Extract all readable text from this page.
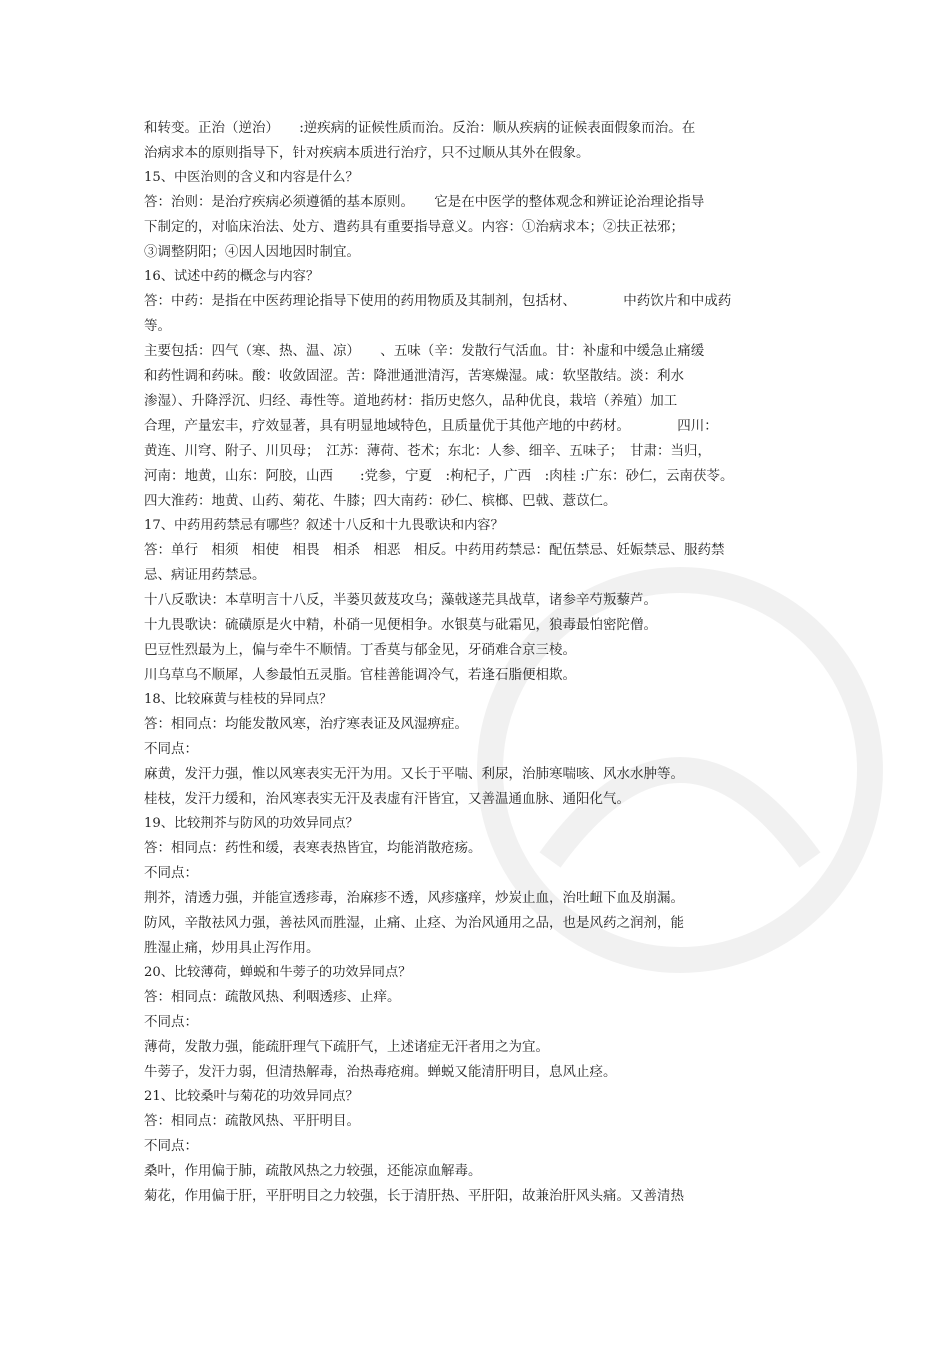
和转变。正治（逆治）　　:逆疾病的证候性质而治。反治：顺从疾病的证候表面假象而治。在
治病求本的原则指导下，针对疾病本质进行治疗，只不过顺从其外在假象。
15、中医治则的含义和内容是什么？
答：治则：是治疗疾病必须遵循的基本原则。　　它是在中医学的整体观念和辨证论治理论指导
下制定的，对临床治法、处方、遣药具有重要指导意义。内容：①治病求本；②扶正祛邪；
③调整阴阳；④因人因地因时制宜。
16、试述中药的概念与内容？
答：中药：是指在中医药理论指导下使用的药用物质及其制剂，包括材、　　　　中药饮片和中成药
等。
主要包括：四气（寒、热、温、凉）　　、五味（辛：发散行气活血。甘：补虚和中缓急止痛缓
和药性调和药味。酸：收敛固涩。苦：降泄通泄清泻，苦寒燥湿。咸：软坚散结。淡：利水
渗湿）、升降浮沉、归经、毒性等。道地药材：指历史悠久，品种优良，栽培（养殖）加工
合理，产量宏丰，疗效显著，具有明显地域特色，且质量优于其他产地的中药材。　　　　四川：
黄连、川穹、附子、川贝母；　江苏：薄荷、苍术；东北：人参、细辛、五味子；　甘肃：当归，
河南：地黄，山东：阿胶，山西　　:党参，宁夏　:枸杞子，广西　:肉桂 :广东：砂仁，云南茯苓。
四大淮药：地黄、山药、菊花、牛膝；四大南药：砂仁、槟榔、巴戟、薏苡仁。
17、中药用药禁忌有哪些？叙述十八反和十九畏歌诀和内容？
答：单行　相须　相使　相畏　相杀　相恶　相反。中药用药禁忌：配伍禁忌、妊娠禁忌、服药禁
忌、病证用药禁忌。
十八反歌诀：本草明言十八反，半蒌贝蔹芨攻乌；藻戟遂芫具战草，诸参辛芍叛藜芦。
十九畏歌诀：硫磺原是火中精，朴硝一见便相争。水银莫与砒霜见，狼毒最怕密陀僧。
巴豆性烈最为上，偏与牵牛不顺情。丁香莫与郁金见，牙硝难合京三棱。
川乌草乌不顺犀，人参最怕五灵脂。官桂善能调冷气，若逢石脂便相欺。
18、比较麻黄与桂枝的异同点？
答：相同点：均能发散风寒，治疗寒表证及风湿痹症。
不同点：
麻黄，发汗力强，惟以风寒表实无汗为用。又长于平喘、利尿，治肺寒喘咳、风水水肿等。
桂枝，发汗力缓和，治风寒表实无汗及表虚有汗皆宜，又善温通血脉、通阳化气。
19、比较荆芥与防风的功效异同点？
答：相同点：药性和缓，表寒表热皆宜，均能消散疮疡。
不同点：
荆芥，清透力强，并能宣透疹毒，治麻疹不透，风疹瘙痒，炒炭止血，治吐衄下血及崩漏。
防风，辛散祛风力强，善祛风而胜湿，止痛、止痉、为治风通用之品，也是风药之润剂，能
胜湿止痛，炒用具止泻作用。
20、比较薄荷，蝉蜕和牛蒡子的功效异同点？
答：相同点：疏散风热、利咽透疹、止痒。
不同点：
薄荷，发散力强，能疏肝理气下疏肝气，上述诸症无汗者用之为宜。
牛蒡子，发汗力弱，但清热解毒，治热毒疮痈。蝉蜕又能清肝明目，息风止痉。
21、比较桑叶与菊花的功效异同点？
答：相同点：疏散风热、平肝明目。
不同点：
桑叶，作用偏于肺，疏散风热之力较强，还能凉血解毒。
菊花，作用偏于肝，平肝明目之力较强，长于清肝热、平肝阳，故兼治肝风头痛。又善清热
